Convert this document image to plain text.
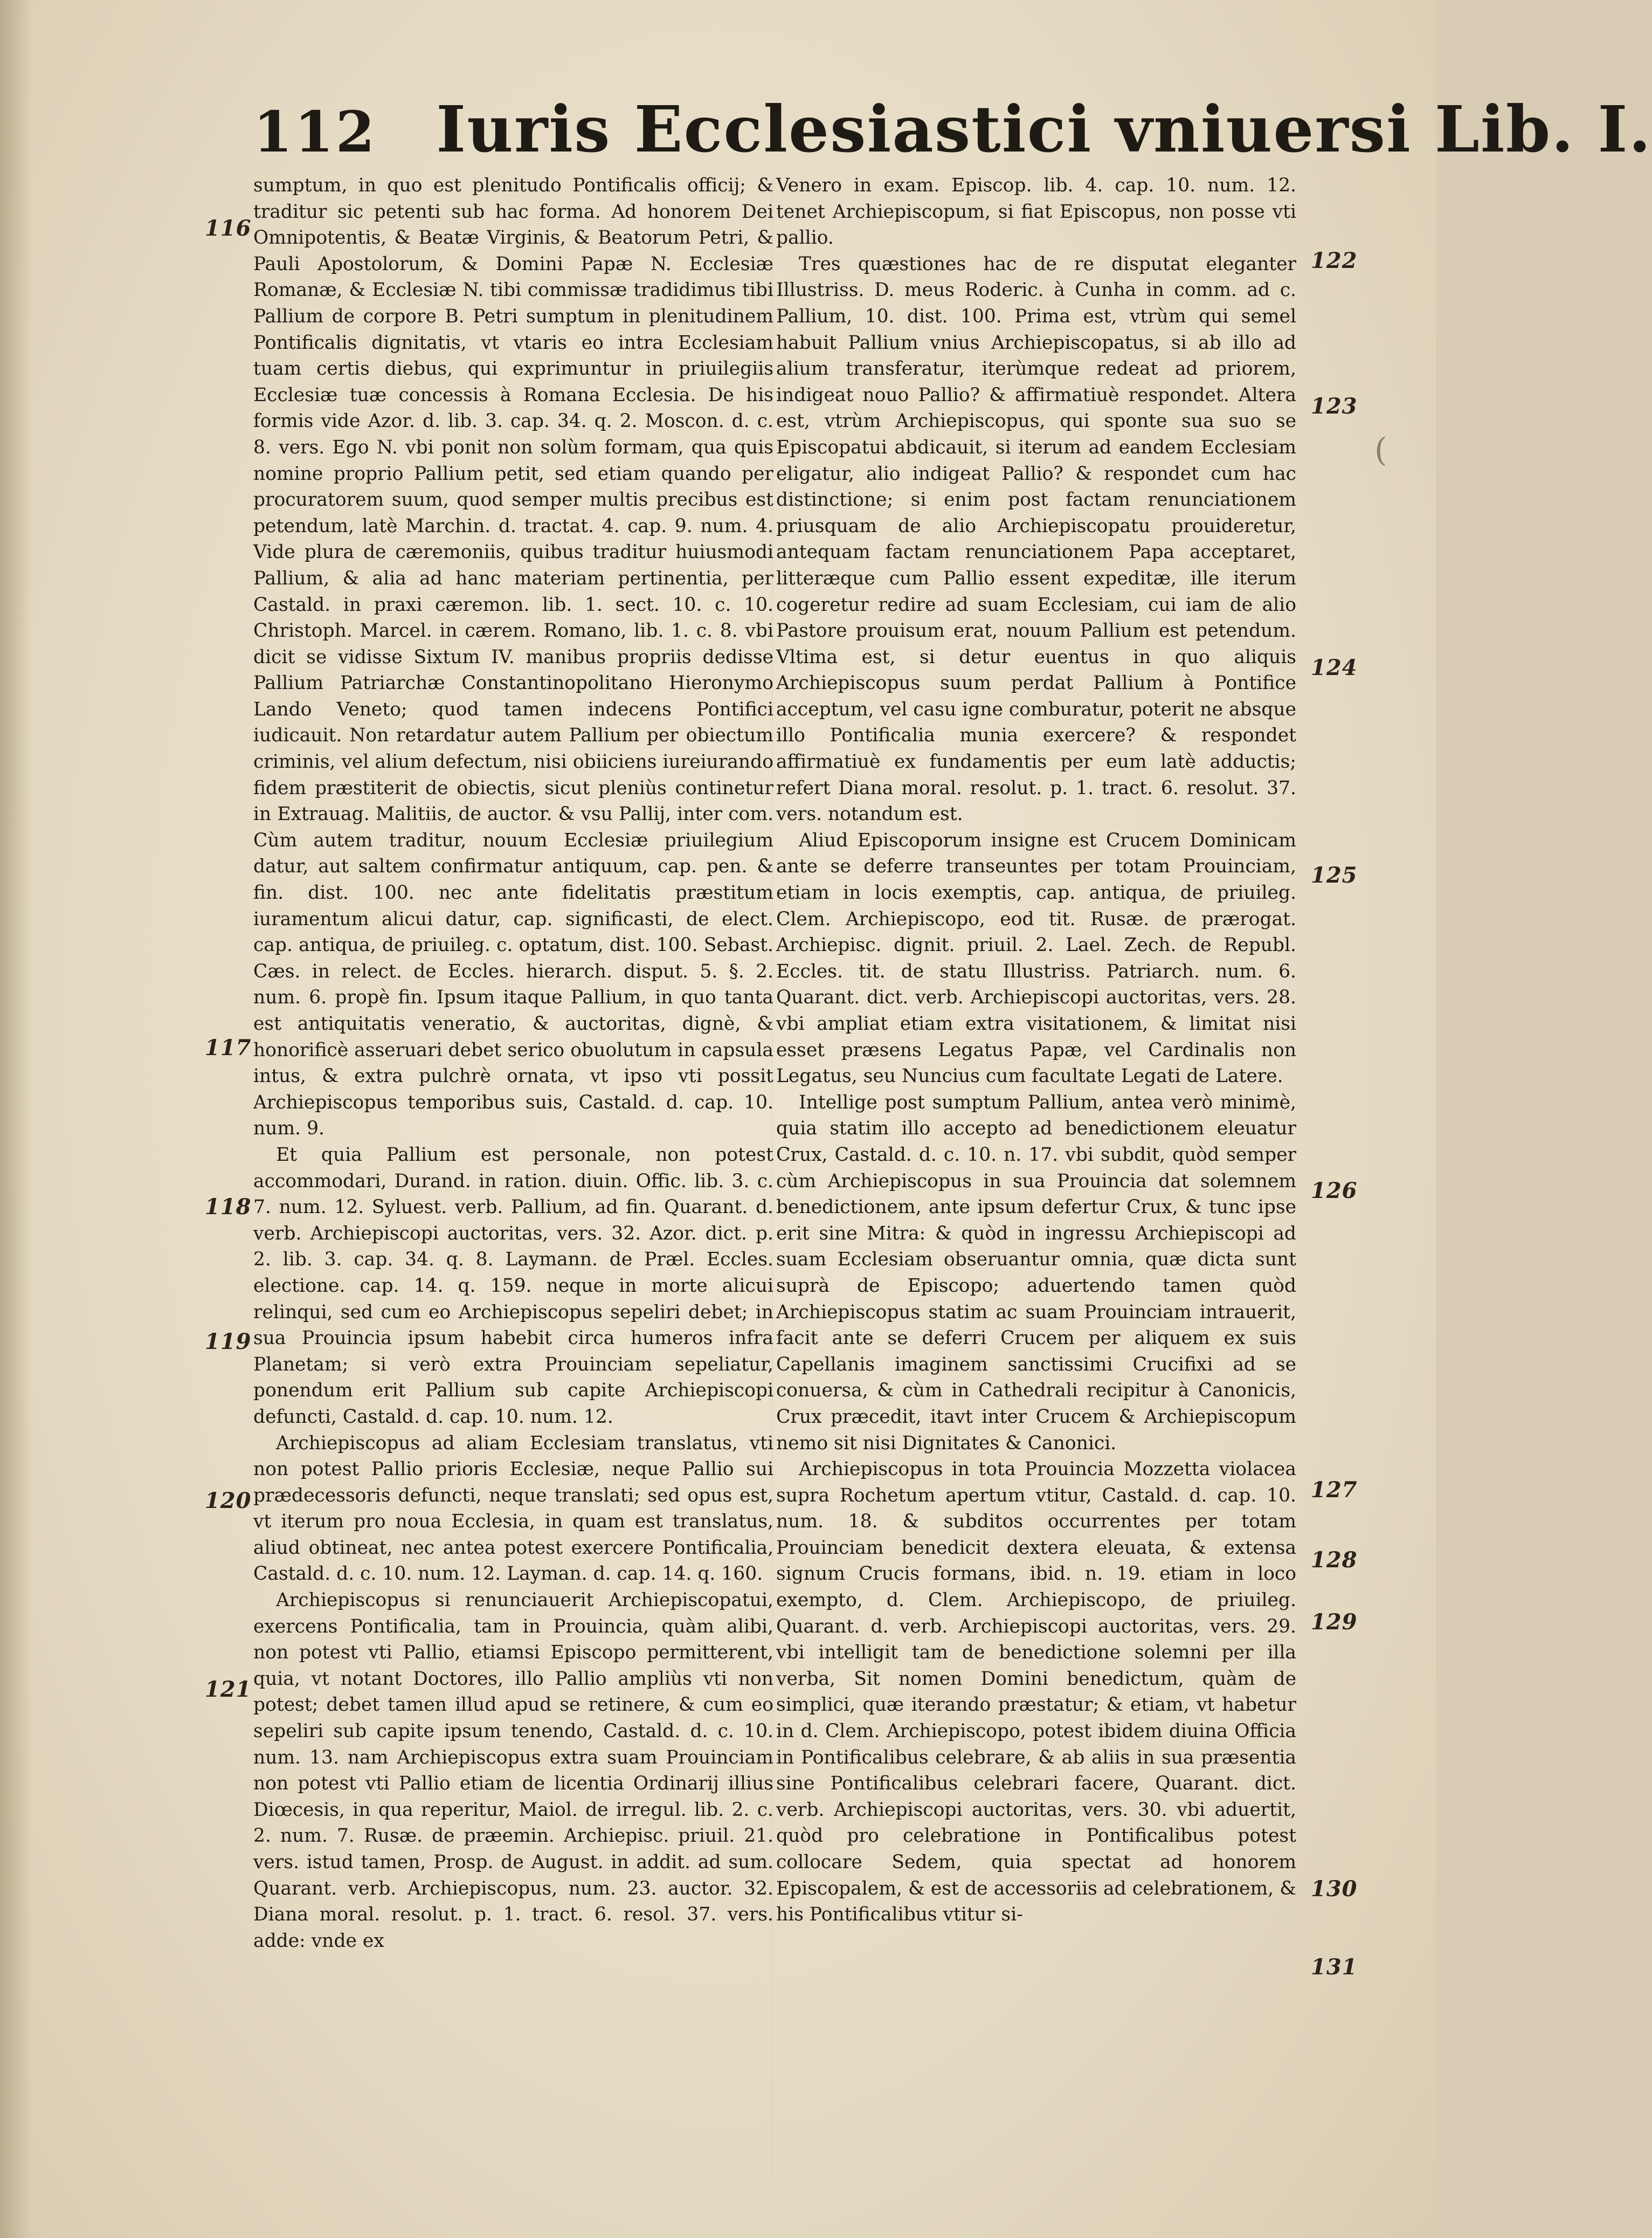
112 Iuris Ecclesiastici vniuersi Lib. I.

sumptum, in quo est plenitudo Pontificalis officij; & traditur sic petenti sub hac forma. Ad honorem Dei Omnipotentis, & Beatæ Virginis, & Beatorum Petri, & Pauli Apostolorum, & Domini Papæ N. Ecclesiæ Romanæ, & Ecclesiæ N. tibi commissæ tradidimus tibi Pallium de corpore B. Petri sumptum in plenitudinem Pontificalis dignitatis, vt vtaris eo intra Ecclesiam tuam certis diebus, qui exprimuntur in priuilegiis Ecclesiæ tuæ concessis à Romana Ecclesia. De his formis vide Azor. d. lib. 3. cap. 34. q. 2. Moscon. d. c. 8. vers. Ego N. vbi ponit non solùm formam, qua quis nomine proprio Pallium petit, sed etiam quando per procuratorem suum, quod semper multis precibus est petendum, latè Marchin. d. tractat. 4. cap. 9. num. 4. Vide plura de cæremoniis, quibus traditur huiusmodi Pallium, & alia ad hanc materiam pertinentia, per Castald. in praxi cæremon. lib. 1. sect. 10. c. 10. Christoph. Marcel. in cærem. Romano, lib. 1. c. 8. vbi dicit se vidisse Sixtum IV. manibus propriis dedisse Pallium Patriarchæ Constantinopolitano Hieronymo Lando Veneto; quod tamen indecens Pontifici iudicauit. Non retardatur autem Pallium per obiectum criminis, vel alium defectum, nisi obiiciens iureiurando fidem præstiterit de obiectis, sicut pleniùs continetur in Extrauag. Malitiis, de auctor. & vsu Pallij, inter com. Cùm autem traditur, nouum Ecclesiæ priuilegium datur, aut saltem confirmatur antiquum, cap. pen. & fin. dist. 100. nec ante fidelitatis præstitum iuramentum alicui datur, cap. significasti, de elect. cap. antiqua, de priuileg. c. optatum, dist. 100. Sebast. Cæs. in relect. de Eccles. hierarch. disput. 5. §. 2. num. 6. propè fin. Ipsum itaque Pallium, in quo tanta est antiquitatis veneratio, & auctoritas, dignè, & honorificè asseruari debet serico obuolutum in capsula intus, & extra pulchrè ornata, vt ipso vti possit Archiepiscopus temporibus suis, Castald. d. cap. 10. num. 9.

Et quia Pallium est personale, non potest accommodari, Durand. in ration. diuin. Offic. lib. 3. c. 7. num. 12. Syluest. verb. Pallium, ad fin. Quarant. d. verb. Archiepiscopi auctoritas, vers. 32. Azor. dict. p. 2. lib. 3. cap. 34. q. 8. Laymann. de Præl. Eccles. electione. cap. 14. q. 159. neque in morte alicui relinqui, sed cum eo Archiepiscopus sepeliri debet; in sua Prouincia ipsum habebit circa humeros infra Planetam; si verò extra Prouinciam sepeliatur, ponendum erit Pallium sub capite Archiepiscopi defuncti, Castald. d. cap. 10. num. 12.

Archiepiscopus ad aliam Ecclesiam translatus, vti non potest Pallio prioris Ecclesiæ, neque Pallio sui prædecessoris defuncti, neque translati; sed opus est, vt iterum pro noua Ecclesia, in quam est translatus, aliud obtineat, nec antea potest exercere Pontificalia, Castald. d. c. 10. num. 12. Layman. d. cap. 14. q. 160.

Archiepiscopus si renunciauerit Archiepiscopatui, exercens Pontificalia, tam in Prouincia, quàm alibi, non potest vti Pallio, etiamsi Episcopo permitterent, quia, vt notant Doctores, illo Pallio ampliùs vti non potest; debet tamen illud apud se retinere, & cum eo sepeliri sub capite ipsum tenendo, Castald. d. c. 10. num. 13. nam Archiepiscopus extra suam Prouinciam non potest vti Pallio etiam de licentia Ordinarij illius Diœcesis, in qua reperitur, Maiol. de irregul. lib. 2. c. 2. num. 7. Rusæ. de præemin. Archiepisc. priuil. 21. vers. istud tamen, Prosp. de August. in addit. ad sum. Quarant. verb. Archiepiscopus, num. 23. auctor. 32. Diana moral. resolut. p. 1. tract. 6. resol. 37. vers. adde: vnde ex

Venero in exam. Episcop. lib. 4. cap. 10. num. 12. tenet Archiepiscopum, si fiat Episcopus, non posse vti pallio.

Tres quæstiones hac de re disputat eleganter Illustriss. D. meus Roderic. à Cunha in comm. ad c. Pallium, 10. dist. 100. Prima est, vtrùm qui semel habuit Pallium vnius Archiepiscopatus, si ab illo ad alium transferatur, iterùmque redeat ad priorem, indigeat nouo Pallio? & affirmatiuè respondet. Altera est, vtrùm Archiepiscopus, qui sponte sua suo se Episcopatui abdicauit, si iterum ad eandem Ecclesiam eligatur, alio indigeat Pallio? & respondet cum hac distinctione; si enim post factam renunciationem priusquam de alio Archiepiscopatu prouideretur, antequam factam renunciationem Papa acceptaret, litteræque cum Pallio essent expeditæ, ille iterum cogeretur redire ad suam Ecclesiam, cui iam de alio Pastore prouisum erat, nouum Pallium est petendum. Vltima est, si detur euentus in quo aliquis Archiepiscopus suum perdat Pallium à Pontifice acceptum, vel casu igne comburatur, poterit ne absque illo Pontificalia munia exercere? & respondet affirmatiuè ex fundamentis per eum latè adductis; refert Diana moral. resolut. p. 1. tract. 6. resolut. 37. vers. notandum est.

Aliud Episcoporum insigne est Crucem Dominicam ante se deferre transeuntes per totam Prouinciam, etiam in locis exemptis, cap. antiqua, de priuileg. Clem. Archiepiscopo, eod tit. Rusæ. de prærogat. Archiepisc. dignit. priuil. 2. Lael. Zech. de Republ. Eccles. tit. de statu Illustriss. Patriarch. num. 6. Quarant. dict. verb. Archiepiscopi auctoritas, vers. 28. vbi ampliat etiam extra visitationem, & limitat nisi esset præsens Legatus Papæ, vel Cardinalis non Legatus, seu Nuncius cum facultate Legati de Latere.

Intellige post sumptum Pallium, antea verò minimè, quia statim illo accepto ad benedictionem eleuatur Crux, Castald. d. c. 10. n. 17. vbi subdit, quòd semper cùm Archiepiscopus in sua Prouincia dat solemnem benedictionem, ante ipsum defertur Crux, & tunc ipse erit sine Mitra: & quòd in ingressu Archiepiscopi ad suam Ecclesiam obseruantur omnia, quæ dicta sunt suprà de Episcopo; aduertendo tamen quòd Archiepiscopus statim ac suam Prouinciam intrauerit, facit ante se deferri Crucem per aliquem ex suis Capellanis imaginem sanctissimi Crucifixi ad se conuersa, & cùm in Cathedrali recipitur à Canonicis, Crux præcedit, itavt inter Crucem & Archiepiscopum nemo sit nisi Dignitates & Canonici.

Archiepiscopus in tota Prouincia Mozzetta violacea supra Rochetum apertum vtitur, Castald. d. cap. 10. num. 18. & subditos occurrentes per totam Prouinciam benedicit dextera eleuata, & extensa signum Crucis formans, ibid. n. 19. etiam in loco exempto, d. Clem. Archiepiscopo, de priuileg. Quarant. d. verb. Archiepiscopi auctoritas, vers. 29. vbi intelligit tam de benedictione solemni per illa verba, Sit nomen Domini benedictum, quàm de simplici, quæ iterando præstatur; & etiam, vt habetur in d. Clem. Archiepiscopo, potest ibidem diuina Officia in Pontificalibus celebrare, & ab aliis in sua præsentia sine Pontificalibus celebrari facere, Quarant. dict. verb. Archiepiscopi auctoritas, vers. 30. vbi aduertit, quòd pro celebratione in Pontificalibus potest collocare Sedem, quia spectat ad honorem Episcopalem, & est de accessoriis ad celebrationem, & his Pontificalibus vtitur si-

116
117
118
119
120
121
122
123
124
125
126
127
128
129
130
131
(
